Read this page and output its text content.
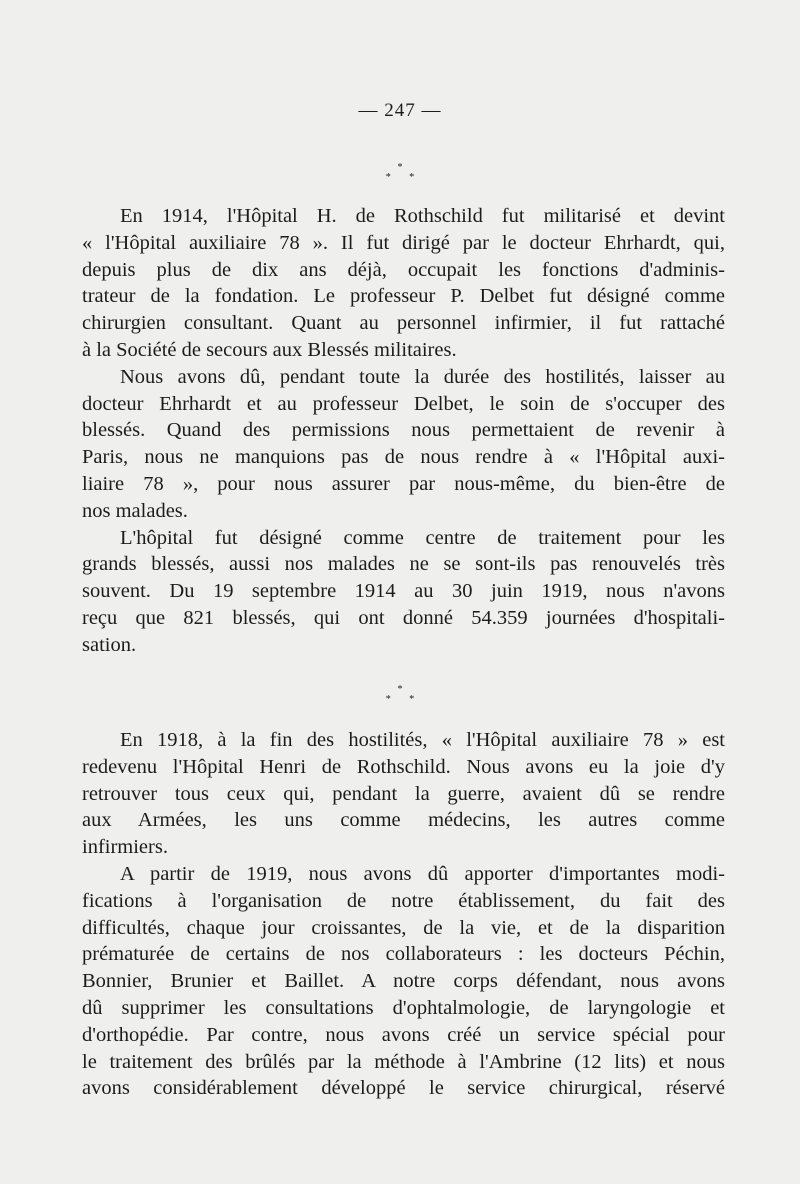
— 247 —
*
* *
En 1914, l'Hôpital H. de Rothschild fut militarisé et devint
« l'Hôpital auxiliaire 78 ». Il fut dirigé par le docteur Ehrhardt, qui,
depuis plus de dix ans déjà, occupait les fonctions d'adminis-
trateur de la fondation. Le professeur P. Delbet fut désigné comme
chirurgien consultant. Quant au personnel infirmier, il fut rattaché
à la Société de secours aux Blessés militaires.
Nous avons dû, pendant toute la durée des hostilités, laisser au
docteur Ehrhardt et au professeur Delbet, le soin de s'occuper des
blessés. Quand des permissions nous permettaient de revenir à
Paris, nous ne manquions pas de nous rendre à « l'Hôpital auxi-
liaire 78 », pour nous assurer par nous-même, du bien-être de
nos malades.
L'hôpital fut désigné comme centre de traitement pour les
grands blessés, aussi nos malades ne se sont-ils pas renouvelés très
souvent. Du 19 septembre 1914 au 30 juin 1919, nous n'avons
reçu que 821 blessés, qui ont donné 54.359 journées d'hospitali-
sation.
*
* *
En 1918, à la fin des hostilités, « l'Hôpital auxiliaire 78 » est
redevenu l'Hôpital Henri de Rothschild. Nous avons eu la joie d'y
retrouver tous ceux qui, pendant la guerre, avaient dû se rendre
aux Armées, les uns comme médecins, les autres comme
infirmiers.
A partir de 1919, nous avons dû apporter d'importantes modi-
fications à l'organisation de notre établissement, du fait des
difficultés, chaque jour croissantes, de la vie, et de la disparition
prématurée de certains de nos collaborateurs : les docteurs Péchin,
Bonnier, Brunier et Baillet. A notre corps défendant, nous avons
dû supprimer les consultations d'ophtalmologie, de laryngologie et
d'orthopédie. Par contre, nous avons créé un service spécial pour
le traitement des brûlés par la méthode à l'Ambrine (12 lits) et nous
avons considérablement développé le service chirurgical, réservé
